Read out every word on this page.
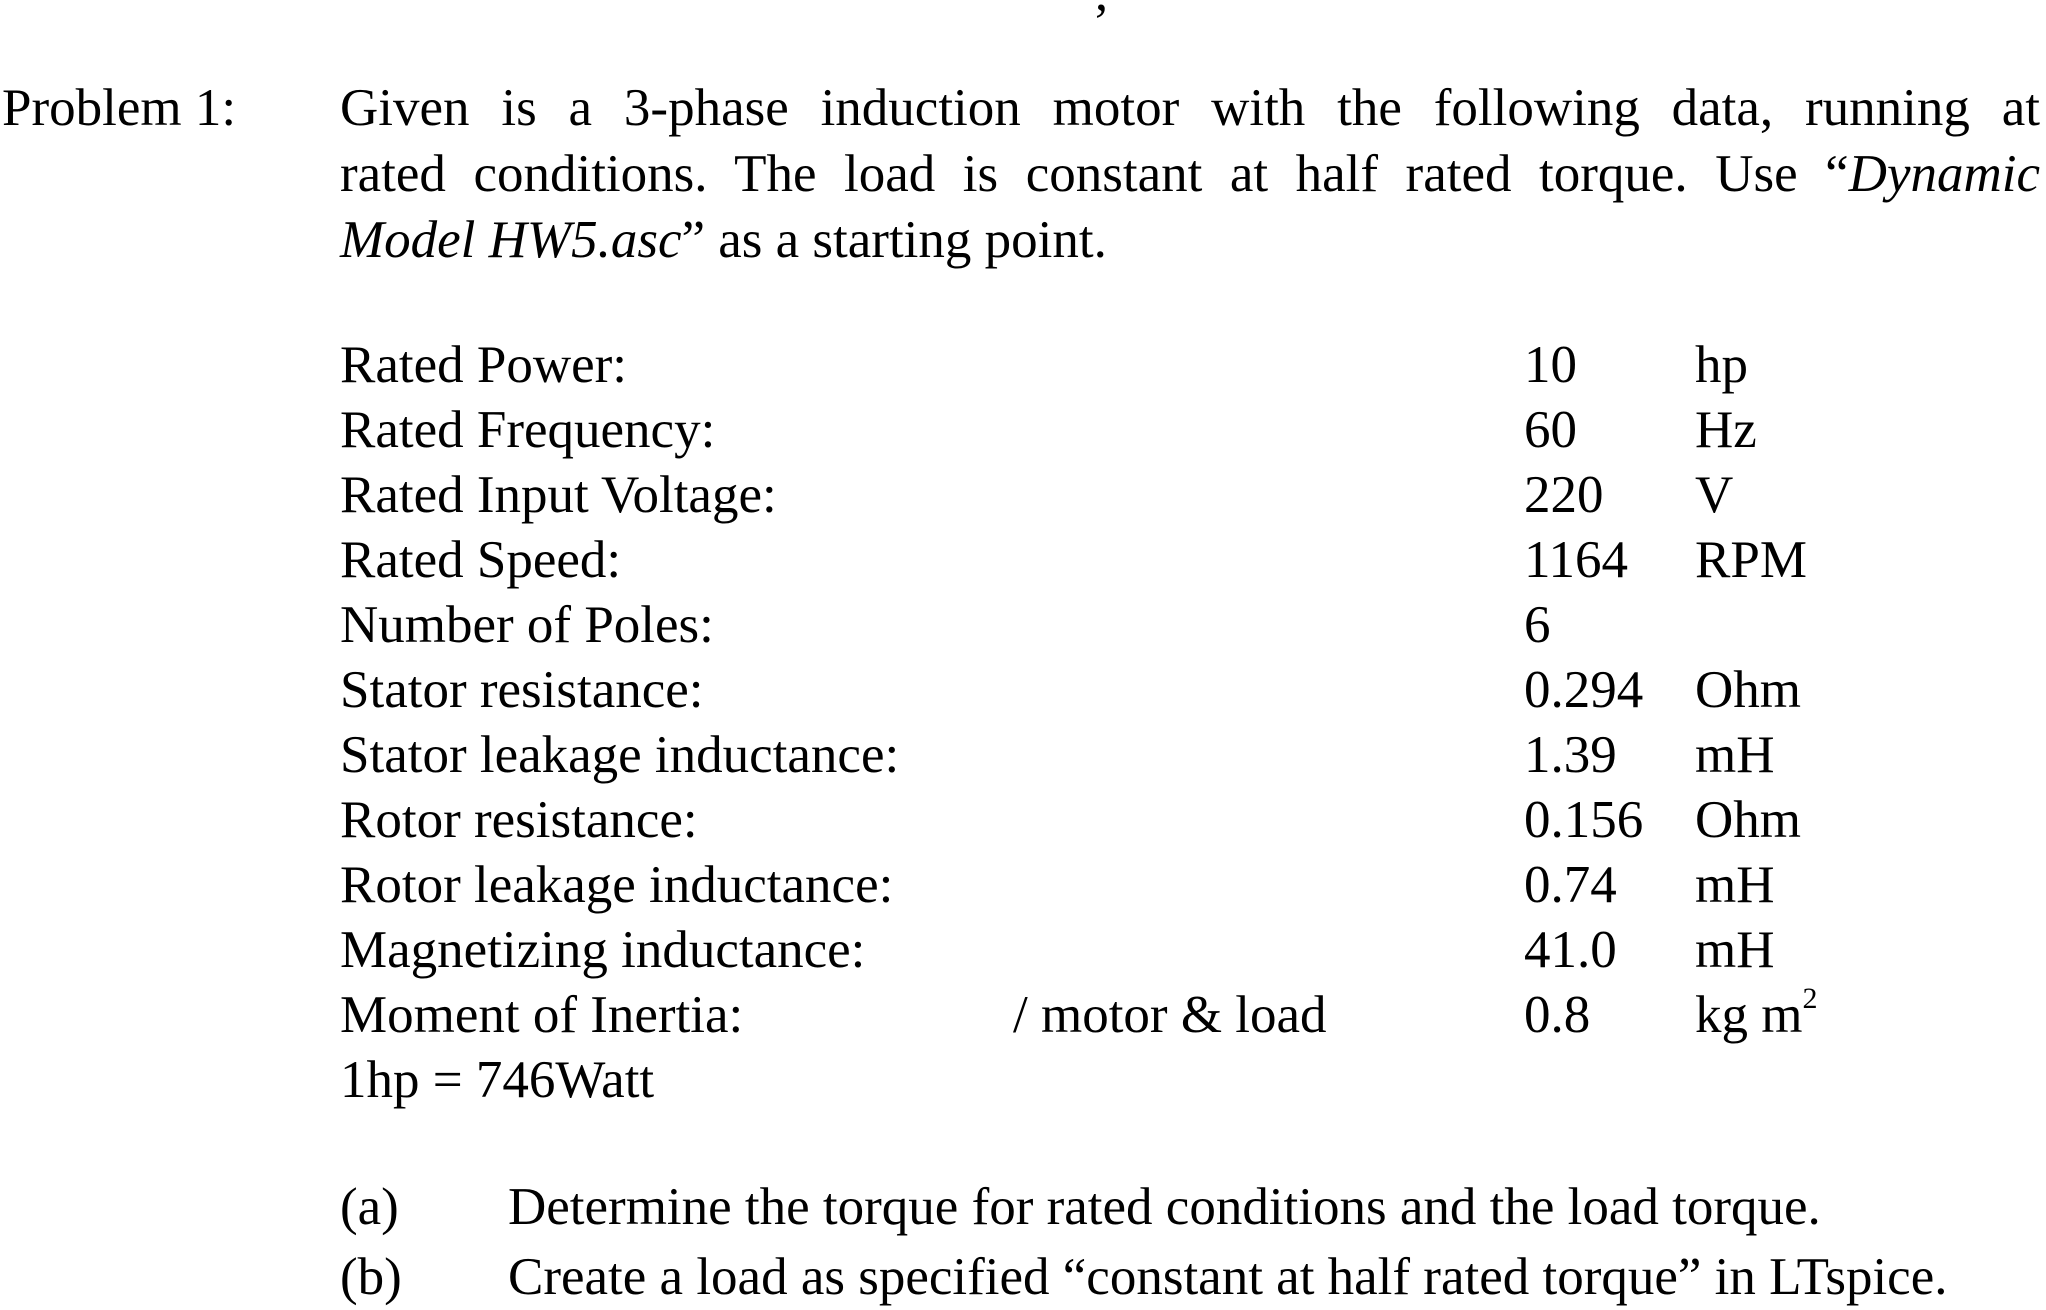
Problem 1: Given is a 3-phase induction motor with the following data, running at
rated conditions. The load is constant at half rated torque. Use “Dynamic
Model HW5.asc” as a starting point.
Rated Power:	10 hp
Rated Frequency:	60 Hz
Rated Input Voltage:	220 V
Rated Speed:	1164 RPM
Number of Poles:	6
Stator resistance:	0.294 Ohm
Stator leakage inductance:	1.39 mH
Rotor resistance:	0.156 Ohm
Rotor leakage inductance:	0.74 mH
Magnetizing inductance:	41.0 mH
Moment of Inertia:	/ motor & load	0.8 kg $m^2$
1hp = 746Watt
(a) Determine the torque for rated conditions and the load torque.
(b) Create a load as specified “constant at half rated torque” in LTspice.
